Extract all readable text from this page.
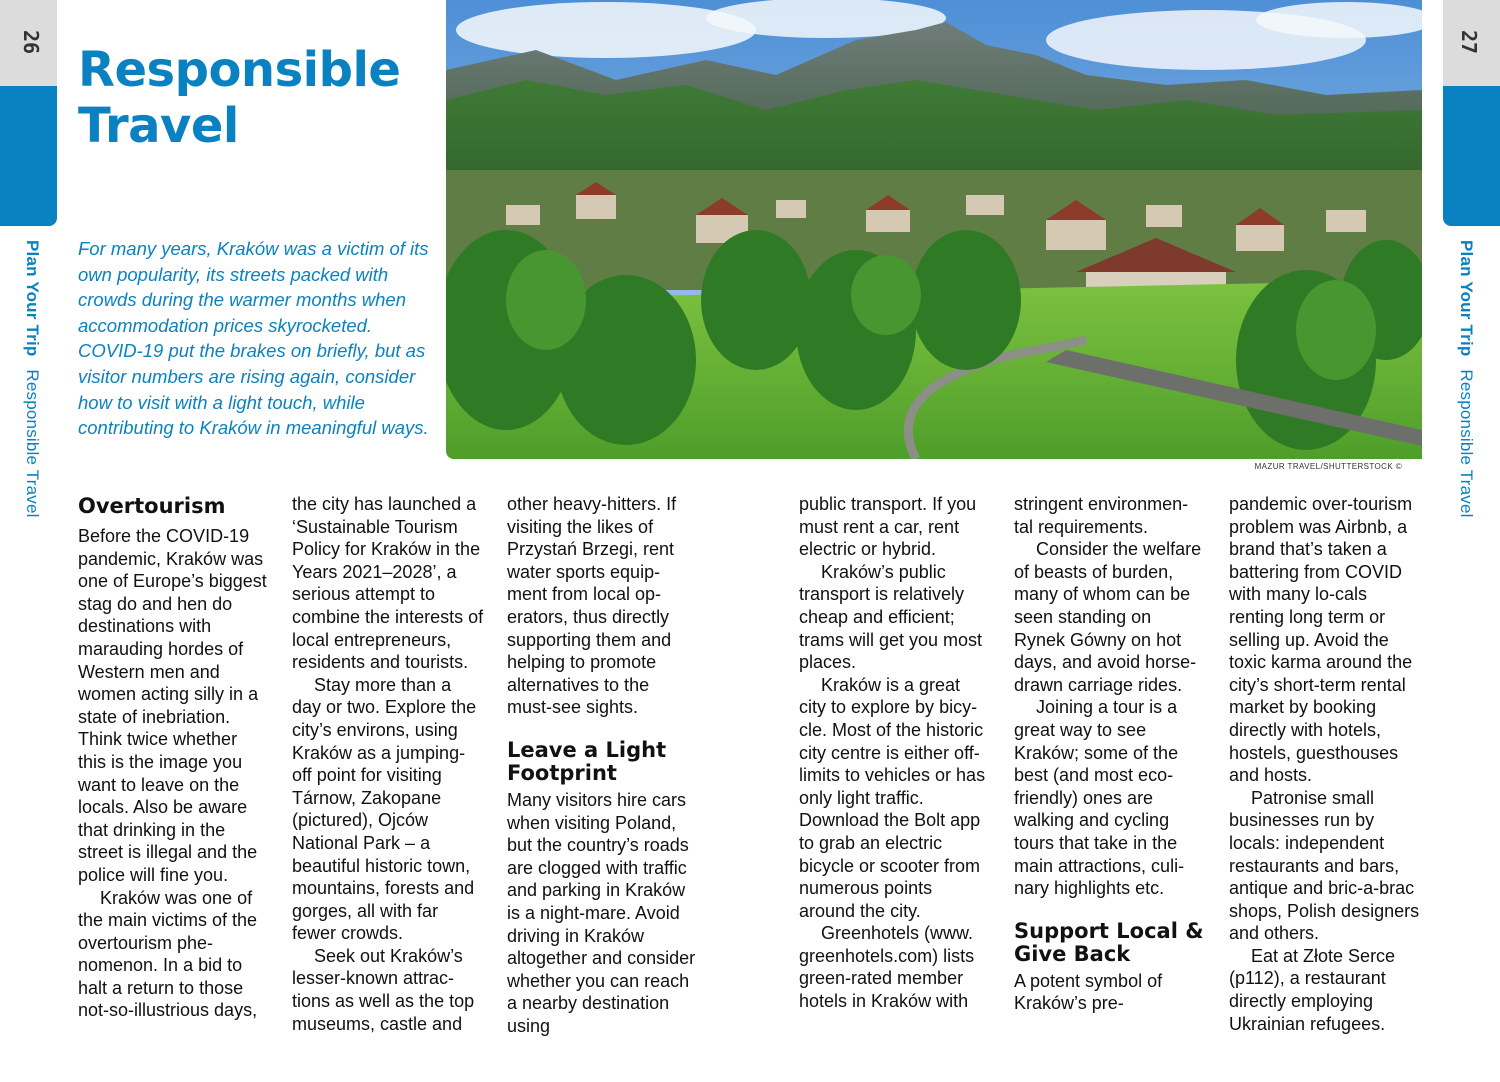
26	27
Plan Your Trip Responsible Travel
Plan Your Trip Responsible Travel
Responsible
Travel

For many years, Kraków was a victim of its own popularity, its streets packed with crowds during the warmer months when accommodation prices skyrocketed. COVID-19 put the brakes on briefly, but as visitor numbers are rising again, consider how to visit with a light touch, while contributing to Kraków in meaningful ways.

MAZUR TRAVEL/SHUTTERSTOCK ©
Overtourism

Before the COVID-19 pandemic, Kraków was one of Europe’s biggest stag do and hen do destinations with marauding hordes of Western men and women acting silly in a state of inebriation. Think twice whether this is the image you want to leave on the locals. Also be aware that drinking in the street is illegal and the police will fine you.

Kraków was one of the main victims of the overtourism phe-nomenon. In a bid to halt a return to those not-so-illustrious days,

the city has launched a ‘Sustainable Tourism Policy for Kraków in the Years 2021–2028’, a serious attempt to combine the interests of local entrepreneurs, residents and tourists.

Stay more than a day or two. Explore the city’s environs, using Kraków as a jumping-off point for visiting Tárnow, Zakopane (pictured), Ojców National Park – a beautiful historic town, mountains, forests and gorges, all with far fewer crowds.

Seek out Kraków’s lesser-known attrac-tions as well as the top museums, castle and

other heavy-hitters. If visiting the likes of Przystań Brzegi, rent water sports equip-ment from local op-erators, thus directly supporting them and helping to promote alternatives to the must-see sights.

Leave a Light Footprint

Many visitors hire cars when visiting Poland, but the country’s roads are clogged with traffic and parking in Kraków is a night-mare. Avoid driving in Kraków altogether and consider whether you can reach a nearby destination using

public transport. If you must rent a car, rent electric or hybrid.

Kraków’s public transport is relatively cheap and efficient; trams will get you most places.

Kraków is a great city to explore by bicy-cle. Most of the historic city centre is either off-limits to vehicles or has only light traffic. Download the Bolt app to grab an electric bicycle or scooter from numerous points around the city.

Greenhotels (www. greenhotels.com) lists green-rated member hotels in Kraków with

stringent environmen-tal requirements.

Consider the welfare of beasts of burden, many of whom can be seen standing on Rynek Gówny on hot days, and avoid horse-drawn carriage rides.

Joining a tour is a great way to see Kraków; some of the best (and most eco-friendly) ones are walking and cycling tours that take in the main attractions, culi-nary highlights etc.

Support Local & Give Back

A potent symbol of Kraków’s pre-

pandemic over-tourism problem was Airbnb, a brand that’s taken a battering from COVID with many lo-cals renting long term or selling up. Avoid the toxic karma around the city’s short-term rental market by booking directly with hotels, hostels, guesthouses and hosts.

Patronise small businesses run by locals: independent restaurants and bars, antique and bric-a-brac shops, Polish designers and others.

Eat at Złote Serce (p112), a restaurant directly employing Ukrainian refugees.
